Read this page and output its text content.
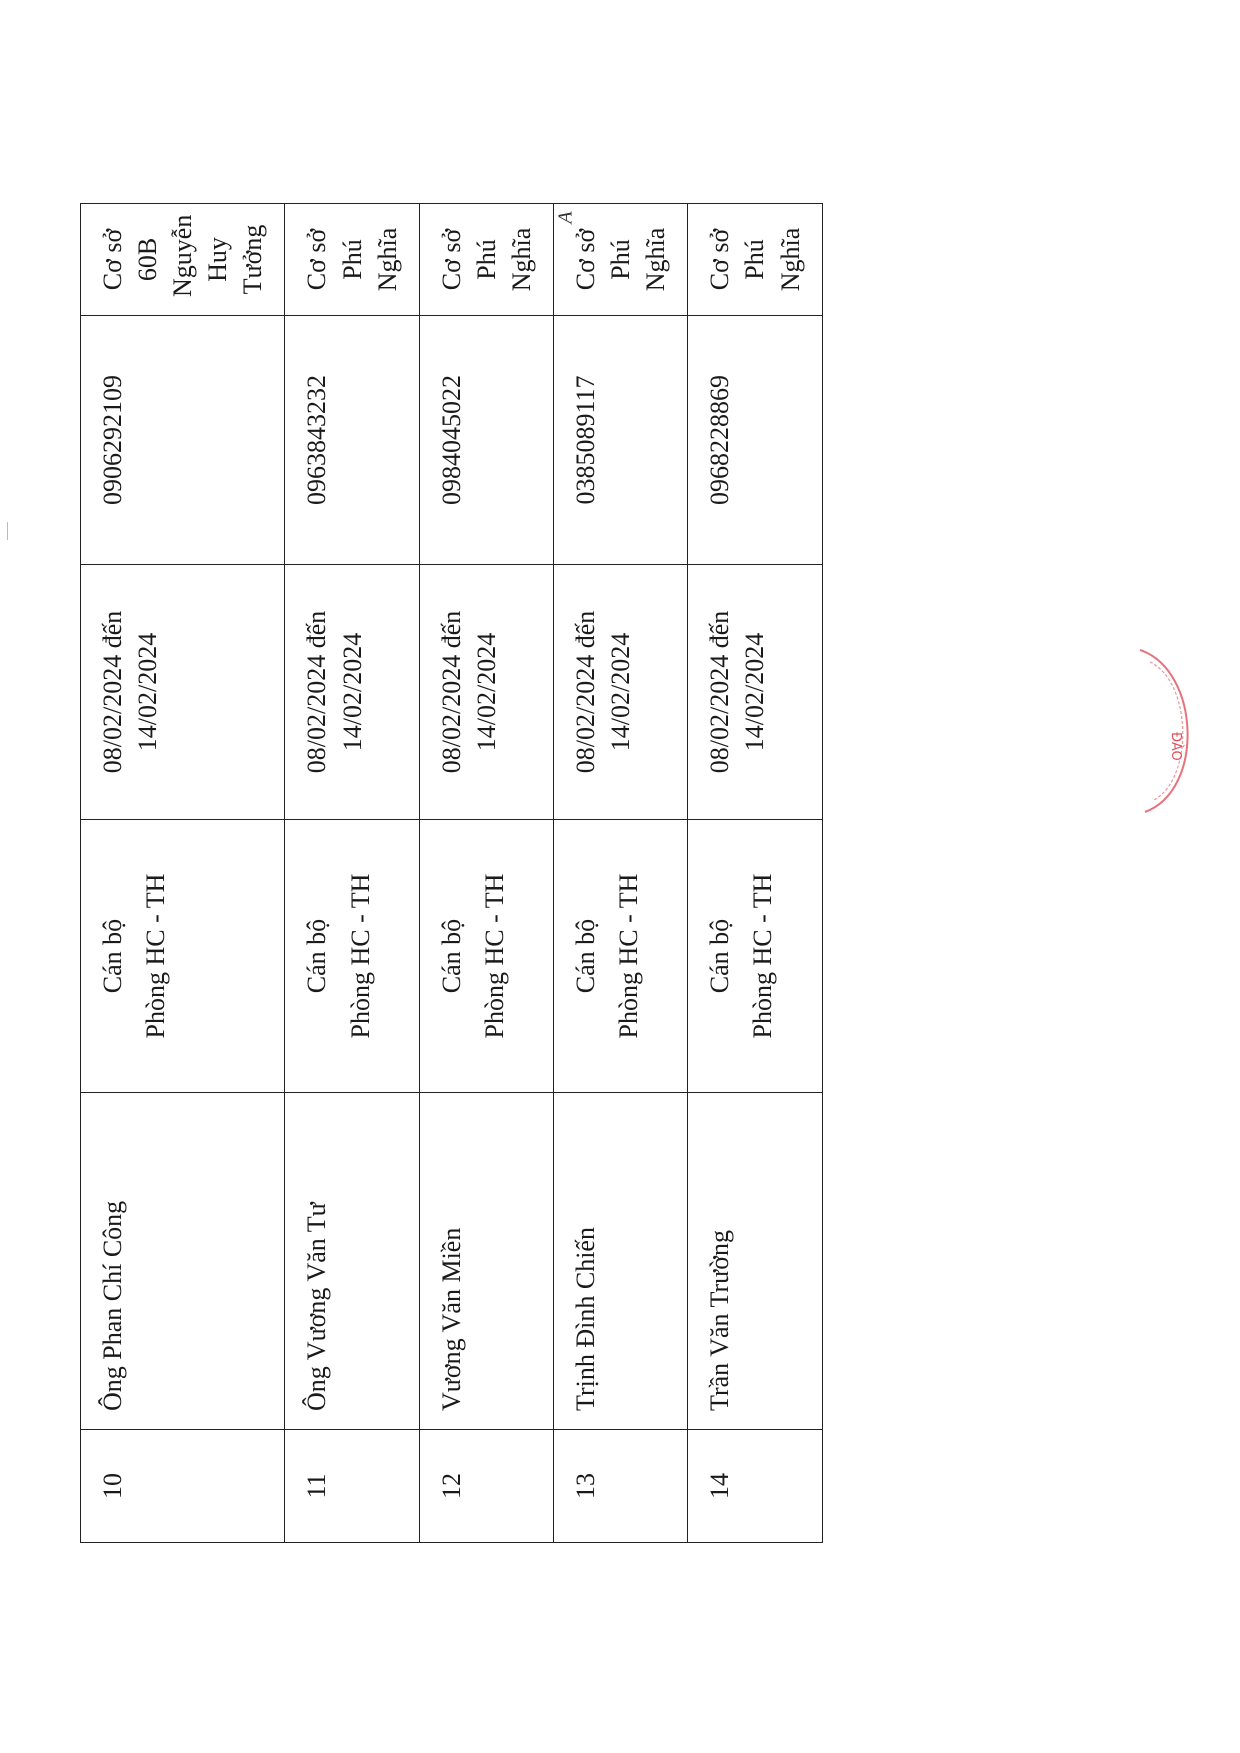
10	Ông Phan Chí Công	Cán bộ Phòng HC - TH	08/02/2024 đến 14/02/2024	0906292109	Cơ sở 60B Nguyễn Huy Tưởng
11	Ông Vương Văn Tư	Cán bộ Phòng HC - TH	08/02/2024 đến 14/02/2024	0963843232	Cơ sở Phú Nghĩa
12	Vương Văn Miền	Cán bộ Phòng HC - TH	08/02/2024 đến 14/02/2024	0984045022	Cơ sở Phú Nghĩa
13	Trịnh Đình Chiến	Cán bộ Phòng HC - TH	08/02/2024 đến 14/02/2024	0385089117	Cơ sở Phú Nghĩa
14	Trần Văn Trường	Cán bộ Phòng HC - TH	08/02/2024 đến 14/02/2024	0968228869	Cơ sở Phú Nghĩa
A
ĐÀO
